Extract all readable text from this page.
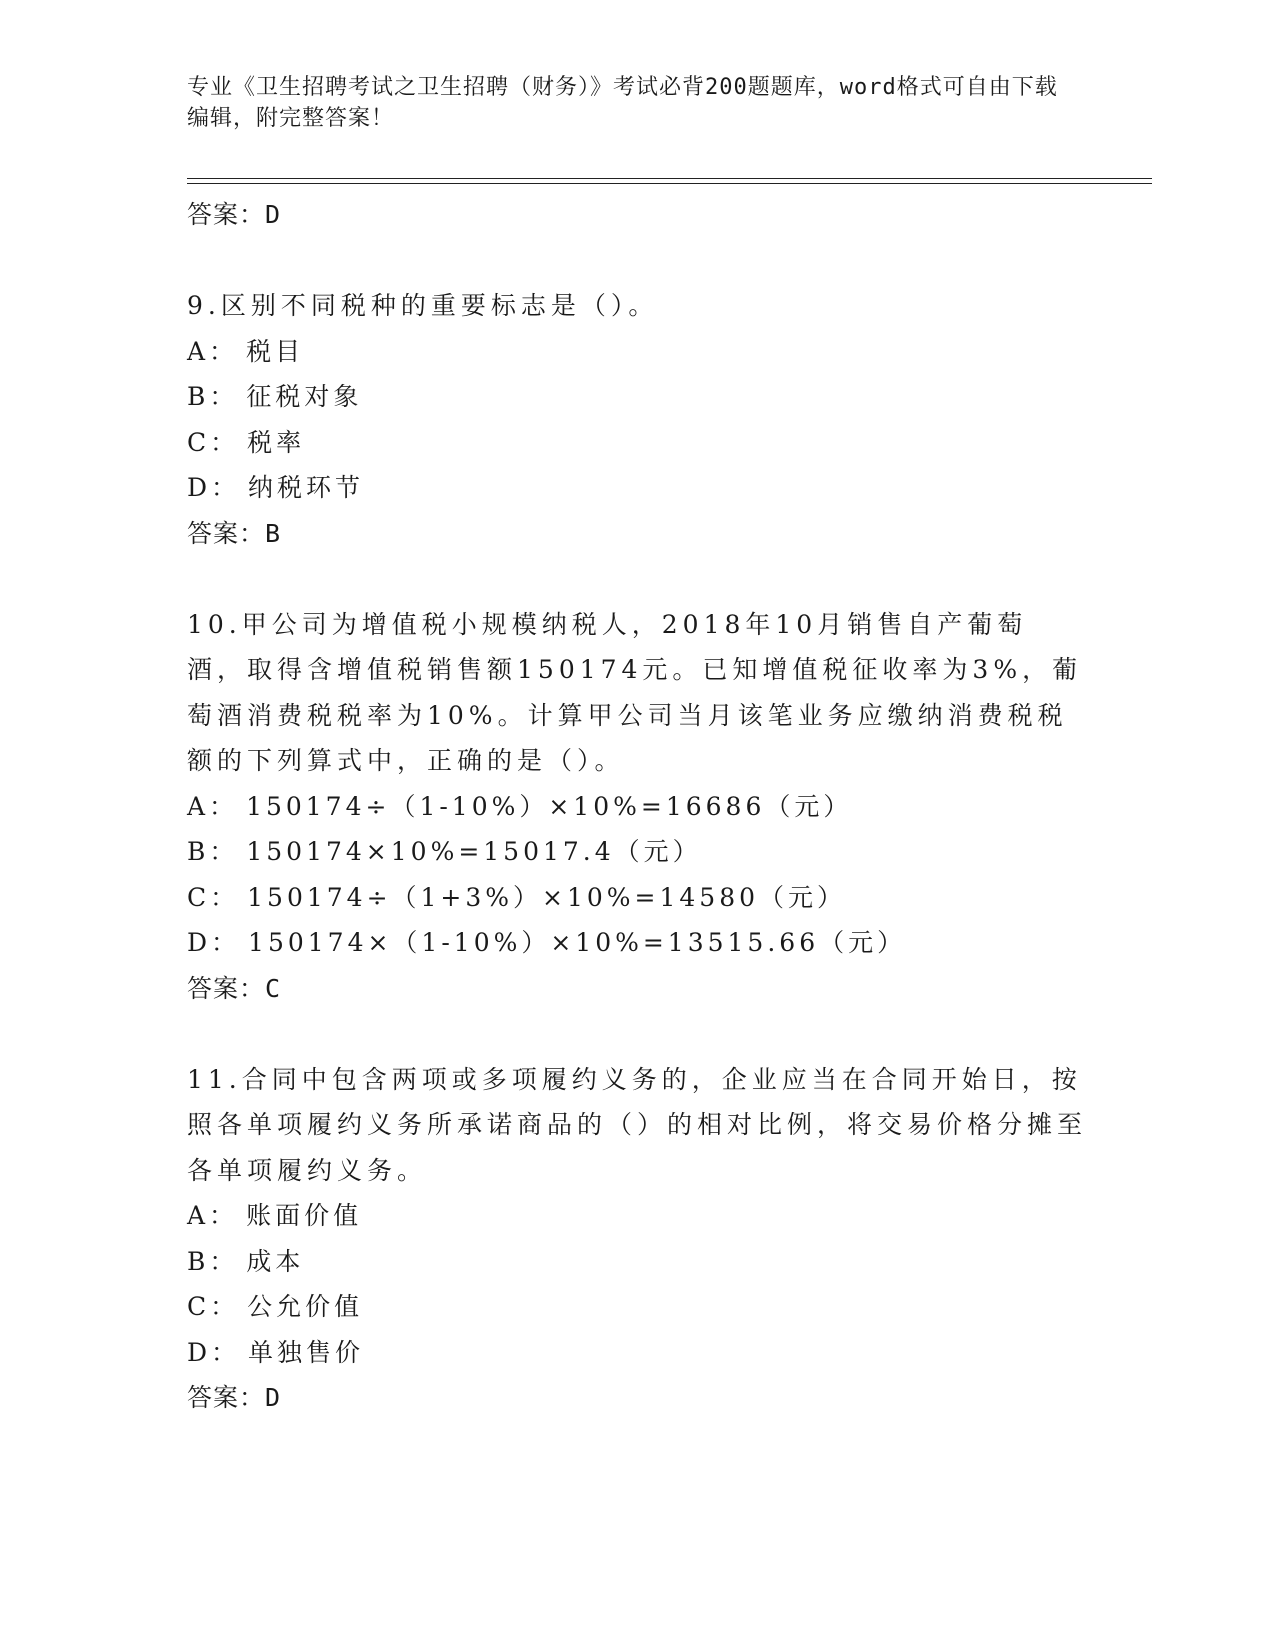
专业《卫生招聘考试之卫生招聘（财务）》考试必背200题题库，word格式可自由下载编辑，附完整答案！
答案：D

9.区别不同税种的重要标志是（）。

A： 税目
B： 征税对象
C： 税率
D： 纳税环节
答案：B

10.甲公司为增值税小规模纳税人，2018年10月销售自产葡萄酒，取得含增值税销售额150174元。已知增值税征收率为3%，葡萄酒消费税税率为10%。计算甲公司当月该笔业务应缴纳消费税税额的下列算式中，正确的是（）。

A： 150174÷（1-10%）×10%=16686（元）
B： 150174×10%=15017.4（元）
C： 150174÷（1+3%）×10%=14580（元）
D： 150174×（1-10%）×10%=13515.66（元）
答案：C

11.合同中包含两项或多项履约义务的，企业应当在合同开始日，按照各单项履约义务所承诺商品的（）的相对比例，将交易价格分摊至各单项履约义务。

A： 账面价值
B： 成本
C： 公允价值
D： 单独售价
答案：D
